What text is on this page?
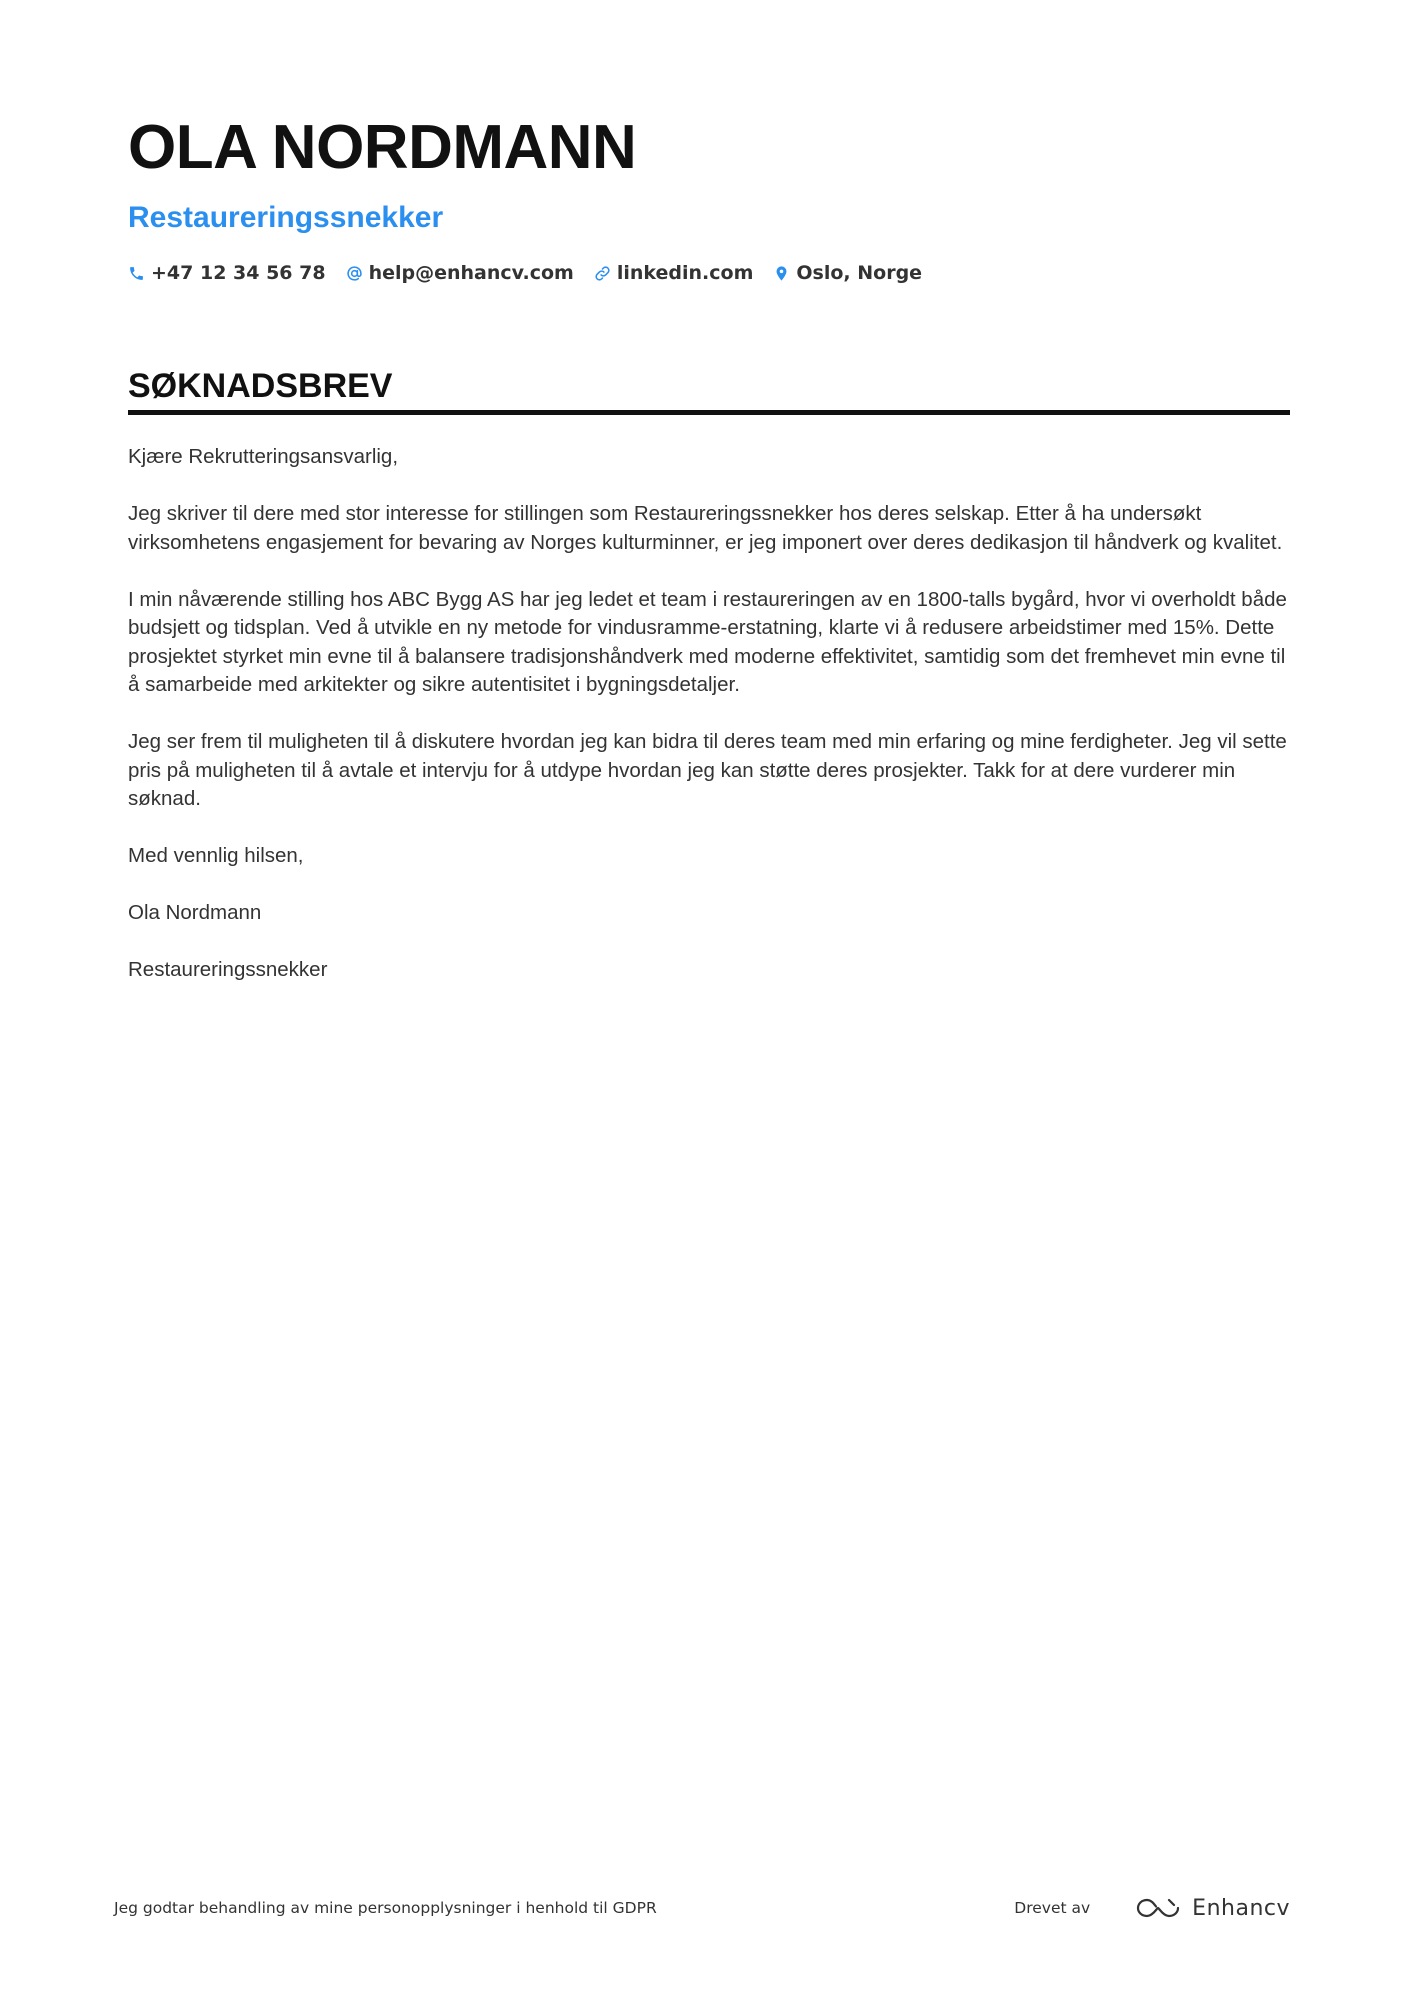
OLA NORDMANN
Restaureringssnekker
+47 12 34 56 78 help@enhancv.com linkedin.com Oslo, Norge
SØKNADSBREV

Kjære Rekrutteringsansvarlig,

Jeg skriver til dere med stor interesse for stillingen som Restaureringssnekker hos deres selskap. Etter å ha undersøkt virksomhetens engasjement for bevaring av Norges kulturminner, er jeg imponert over deres dedikasjon til håndverk og kvalitet.

I min nåværende stilling hos ABC Bygg AS har jeg ledet et team i restaureringen av en 1800-talls bygård, hvor vi overholdt både budsjett og tidsplan. Ved å utvikle en ny metode for vindusramme-erstatning, klarte vi å redusere arbeidstimer med 15%. Dette prosjektet styrket min evne til å balansere tradisjonshåndverk med moderne effektivitet, samtidig som det fremhevet min evne til å samarbeide med arkitekter og sikre autentisitet i bygningsdetaljer.

Jeg ser frem til muligheten til å diskutere hvordan jeg kan bidra til deres team med min erfaring og mine ferdigheter. Jeg vil sette pris på muligheten til å avtale et intervju for å utdype hvordan jeg kan støtte deres prosjekter. Takk for at dere vurderer min søknad.

Med vennlig hilsen,

Ola Nordmann

Restaureringssnekker

Jeg godtar behandling av mine personopplysninger i henhold til GDPR	Drevet av	Enhancv
